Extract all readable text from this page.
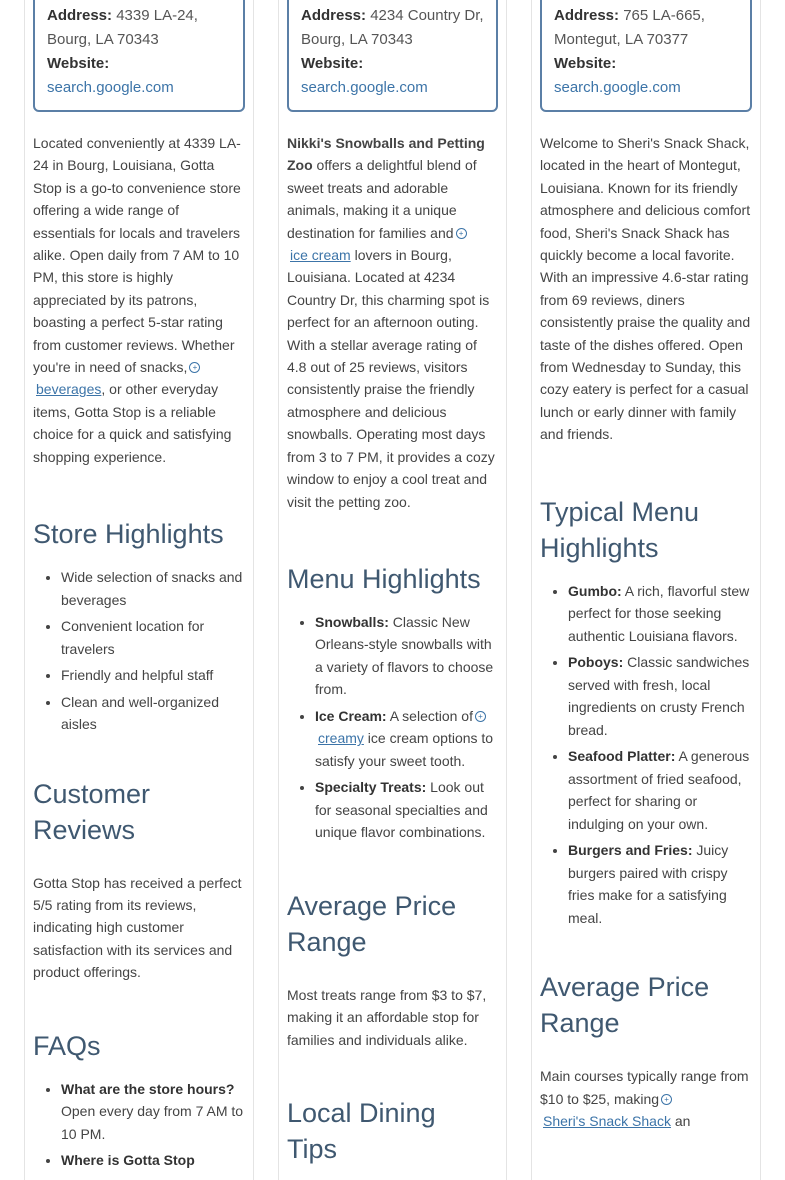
Address: 4339 LA-24, Bourg, LA 70343
Website:
search.google.com

Located conveniently at 4339 LA-24 in Bourg, Louisiana, Gotta Stop is a go-to convenience store offering a wide range of essentials for locals and travelers alike. Open daily from 7 AM to 10 PM, this store is highly appreciated by its patrons, boasting a perfect 5-star rating from customer reviews. Whether you're in need of snacks, +
beverages, or other everyday items, Gotta Stop is a reliable choice for a quick and satisfying shopping experience.

Store Highlights
• Wide selection of snacks and beverages
• Convenient location for travelers
• Friendly and helpful staff
• Clean and well-organized aisles
Customer Reviews

Gotta Stop has received a perfect 5/5 rating from its reviews, indicating high customer satisfaction with its services and product offerings.

FAQs
• What are the store hours?
Open every day from 7 AM to 10 PM.
• Where is Gotta Stop
Address: 4234 Country Dr, Bourg, LA 70343
Website:
search.google.com

Nikki's Snowballs and Petting Zoo offers a delightful blend of sweet treats and adorable animals, making it a unique destination for families and +
ice cream lovers in Bourg, Louisiana. Located at 4234 Country Dr, this charming spot is perfect for an afternoon outing. With a stellar average rating of 4.8 out of 25 reviews, visitors consistently praise the friendly atmosphere and delicious snowballs. Operating most days from 3 to 7 PM, it provides a cozy window to enjoy a cool treat and visit the petting zoo.

Menu Highlights
• Snowballs: Classic New Orleans-style snowballs with a variety of flavors to choose from.
• Ice Cream: A selection of +
creamy ice cream options to satisfy your sweet tooth.
• Specialty Treats: Look out for seasonal specialties and unique flavor combinations.
Average Price Range

Most treats range from $3 to $7, making it an affordable stop for families and individuals alike.

Local Dining Tips
Address: 765 LA-665, Montegut, LA 70377
Website:
search.google.com

Welcome to Sheri's Snack Shack, located in the heart of Montegut, Louisiana. Known for its friendly atmosphere and delicious comfort food, Sheri's Snack Shack has quickly become a local favorite. With an impressive 4.6-star rating from 69 reviews, diners consistently praise the quality and taste of the dishes offered. Open from Wednesday to Sunday, this cozy eatery is perfect for a casual lunch or early dinner with family and friends.

Typical Menu Highlights
• Gumbo: A rich, flavorful stew perfect for those seeking authentic Louisiana flavors.
• Poboys: Classic sandwiches served with fresh, local ingredients on crusty French bread.
• Seafood Platter: A generous assortment of fried seafood, perfect for sharing or indulging on your own.
• Burgers and Fries: Juicy burgers paired with crispy fries make for a satisfying meal.
Average Price Range

Main courses typically range from $10 to $25, making +
Sheri's Snack Shack an
